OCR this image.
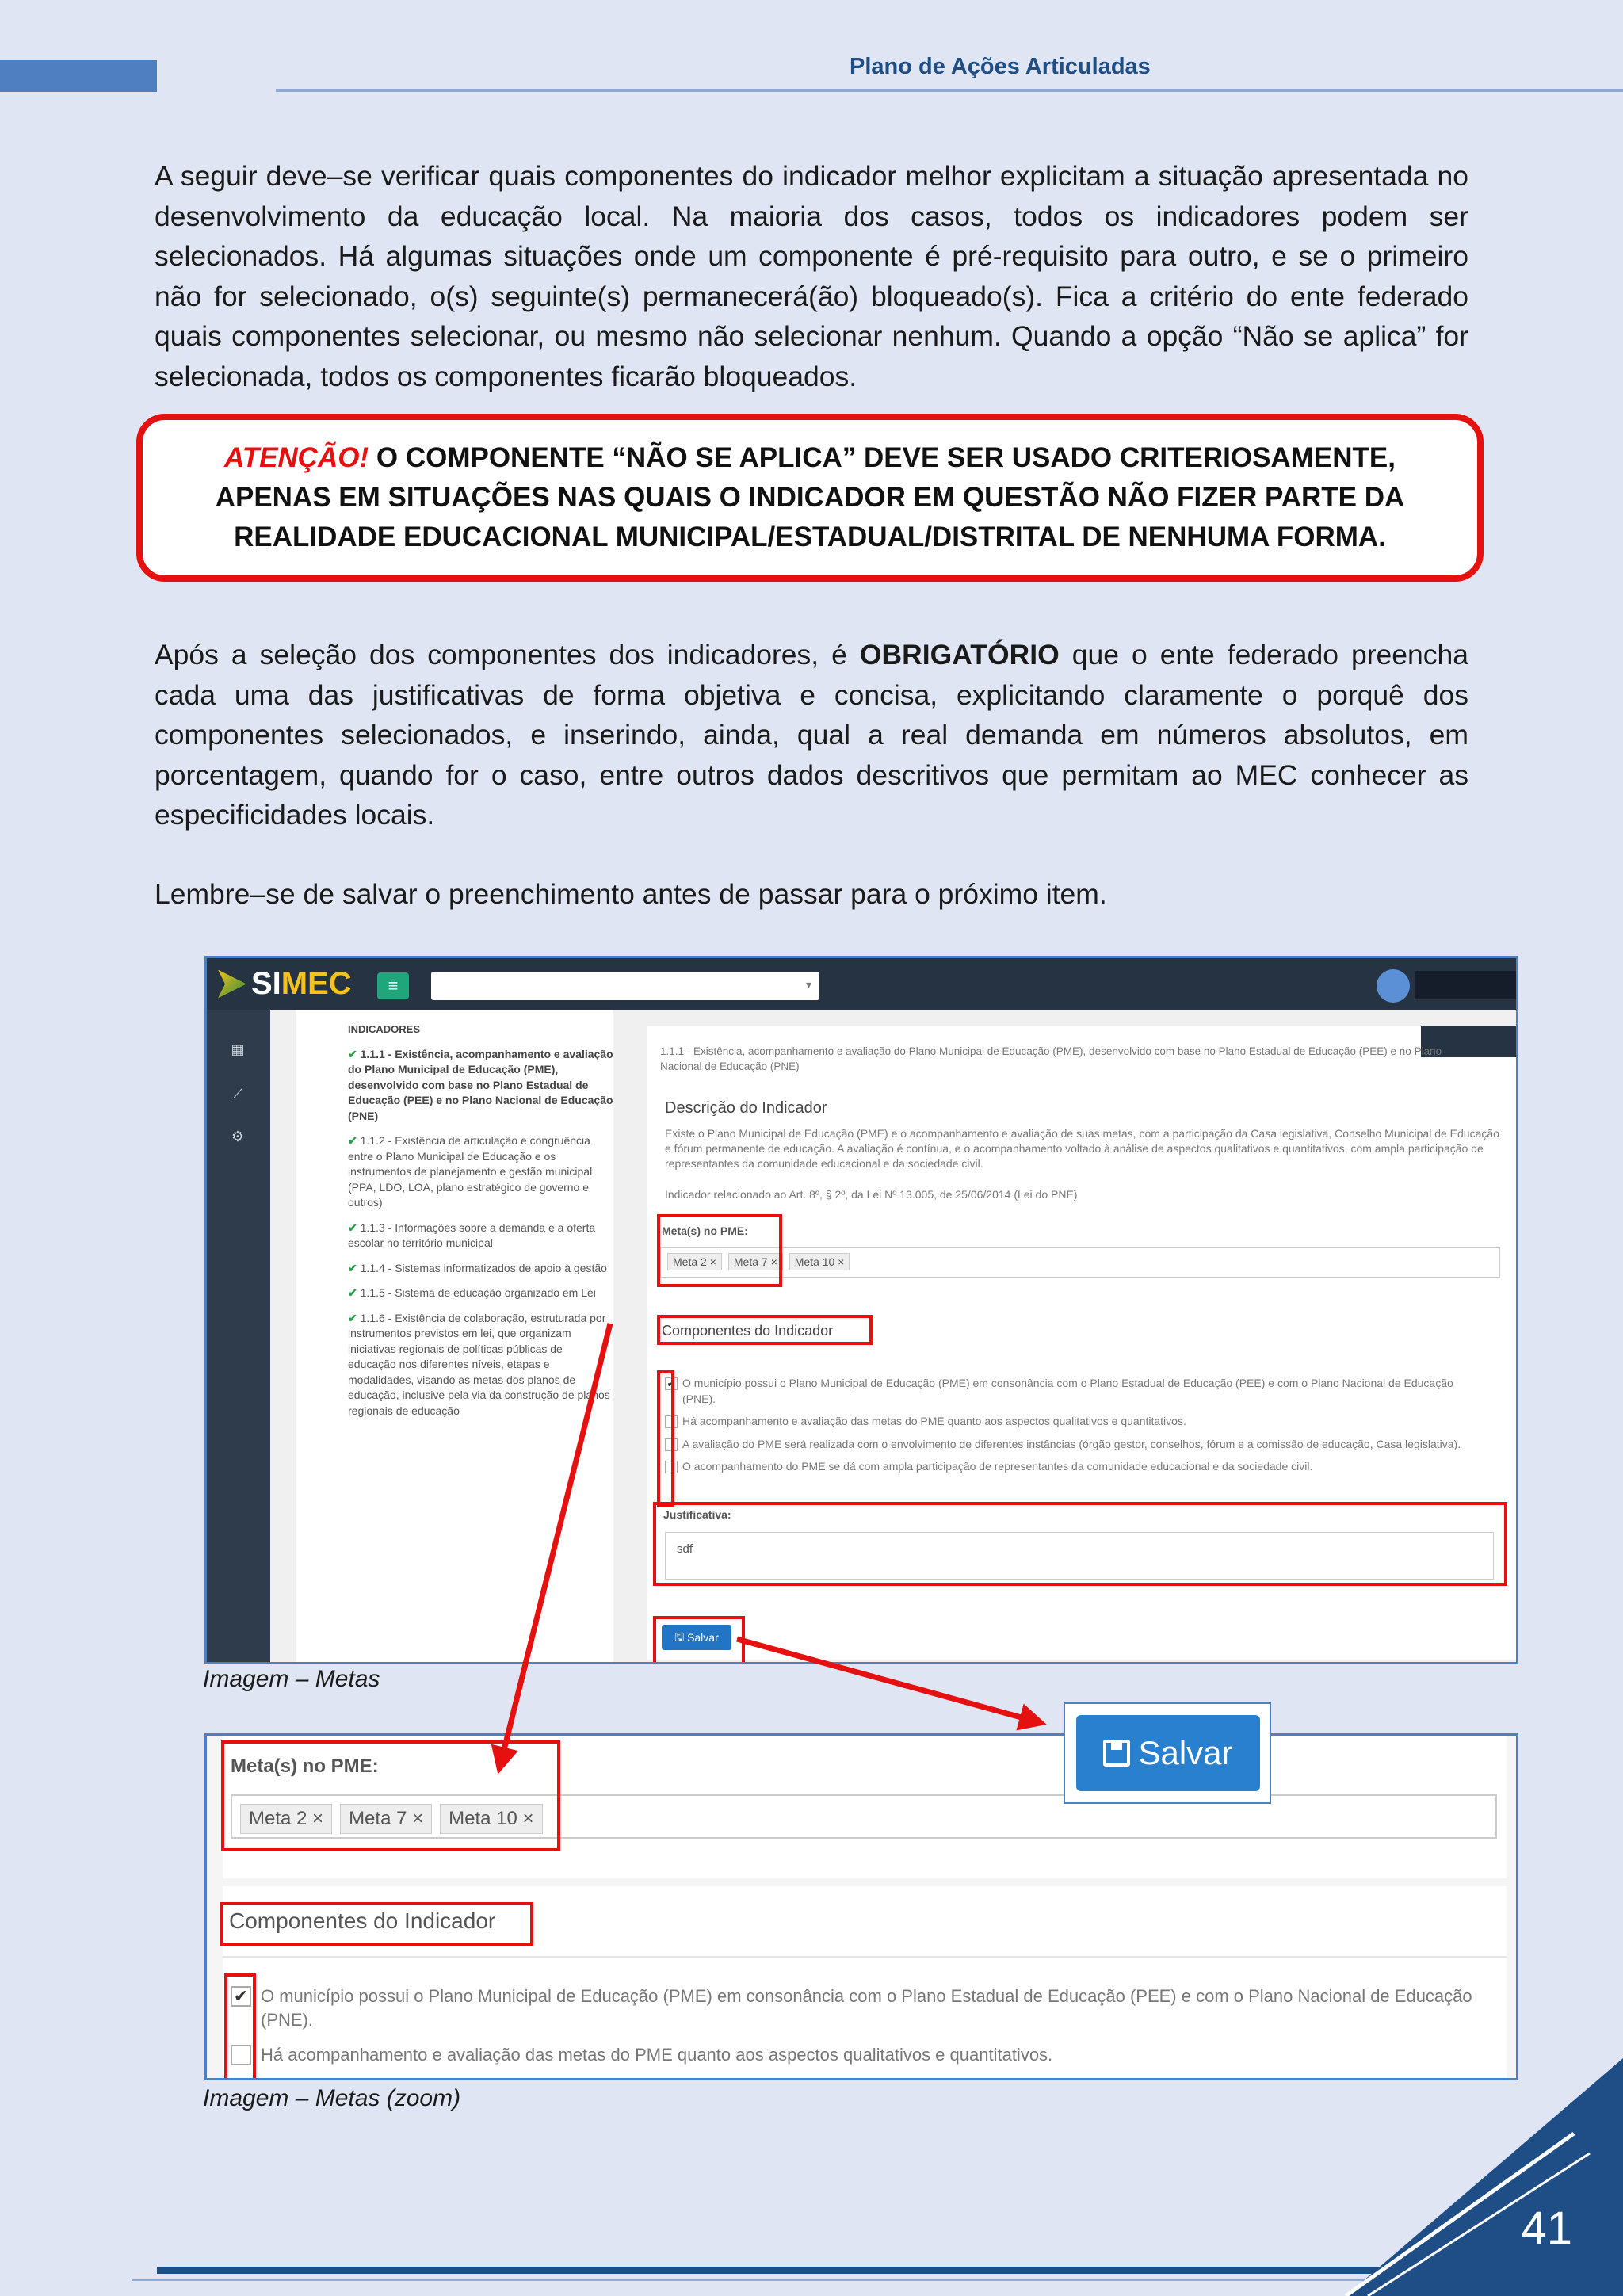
Plano de Ações Articuladas

A seguir deve–se verificar quais componentes do indicador melhor explicitam a situação apresentada no desenvolvimento da educação local. Na maioria dos casos, todos os indicadores podem ser selecionados. Há algumas situações onde um componente é pré-requisito para outro, e se o primeiro não for selecionado, o(s) seguinte(s) permanecerá(ão) bloqueado(s). Fica a critério do ente federado quais componentes selecionar, ou mesmo não selecionar nenhum. Quando a opção “Não se aplica” for selecionada, todos os componentes ficarão bloqueados.

ATENÇÃO! O COMPONENTE “NÃO SE APLICA” DEVE SER USADO CRITERIOSAMENTE, APENAS EM SITUAÇÕES NAS QUAIS O INDICADOR EM QUESTÃO NÃO FIZER PARTE DA REALIDADE EDUCACIONAL MUNICIPAL/ESTADUAL/DISTRITAL DE NENHUMA FORMA.

Após a seleção dos componentes dos indicadores, é OBRIGATÓRIO que o ente federado preencha cada uma das justificativas de forma objetiva e concisa, explicitando claramente o porquê dos componentes selecionados, e inserindo, ainda, qual a real demanda em números absolutos, em porcentagem, quando for o caso, entre outros dados descritivos que permitam ao MEC conhecer as especificidades locais.

Lembre–se de salvar o preenchimento antes de passar para o próximo item.

SI MEC	≡	▾
▦
⟋
⚙
INDICADORES
✔ 1.1.1 - Existência, acompanhamento e avaliação do Plano Municipal de Educação (PME), desenvolvido com base no Plano Estadual de Educação (PEE) e no Plano Nacional de Educação (PNE)
✔ 1.1.2 - Existência de articulação e congruência entre o Plano Municipal de Educação e os instrumentos de planejamento e gestão municipal (PPA, LDO, LOA, plano estratégico de governo e outros)
✔ 1.1.3 - Informações sobre a demanda e a oferta escolar no território municipal
✔ 1.1.4 - Sistemas informatizados de apoio à gestão
✔ 1.1.5 - Sistema de educação organizado em Lei
✔ 1.1.6 - Existência de colaboração, estruturada por instrumentos previstos em lei, que organizam iniciativas regionais de políticas públicas de educação nos diferentes níveis, etapas e modalidades, visando as metas dos planos de educação, inclusive pela via da construção de planos regionais de educação
1.1.1 - Existência, acompanhamento e avaliação do Plano Municipal de Educação (PME), desenvolvido com base no Plano Estadual de Educação (PEE) e no Plano Nacional de Educação (PNE)
Descrição do Indicador
Existe o Plano Municipal de Educação (PME) e o acompanhamento e avaliação de suas metas, com a participação da Casa legislativa, Conselho Municipal de Educação e fórum permanente de educação. A avaliação é contínua, e o acompanhamento voltado à análise de aspectos qualitativos e quantitativos, com ampla participação de representantes da comunidade educacional e da sociedade civil.
Indicador relacionado ao Art. 8º, § 2º, da Lei Nº 13.005, de 25/06/2014 (Lei do PNE)
Meta(s) no PME:
Meta 2 × Meta 7 × Meta 10 ×
Componentes do Indicador
✔ O município possui o Plano Municipal de Educação (PME) em consonância com o Plano Estadual de Educação (PEE) e com o Plano Nacional de Educação (PNE).
Há acompanhamento e avaliação das metas do PME quanto aos aspectos qualitativos e quantitativos.
A avaliação do PME será realizada com o envolvimento de diferentes instâncias (órgão gestor, conselhos, fórum e a comissão de educação, Casa legislativa).
O acompanhamento do PME se dá com ampla participação de representantes da comunidade educacional e da sociedade civil.
Justificativa:
sdf
🖫 Salvar
Imagem – Metas
Meta(s) no PME:
Meta 2 × Meta 7 × Meta 10 ×
Componentes do Indicador
✔ O município possui o Plano Municipal de Educação (PME) em consonância com o Plano Estadual de Educação (PEE) e com o Plano Nacional de Educação (PNE).
Há acompanhamento e avaliação das metas do PME quanto aos aspectos qualitativos e quantitativos.
Imagem – Metas (zoom)
Salvar
41
